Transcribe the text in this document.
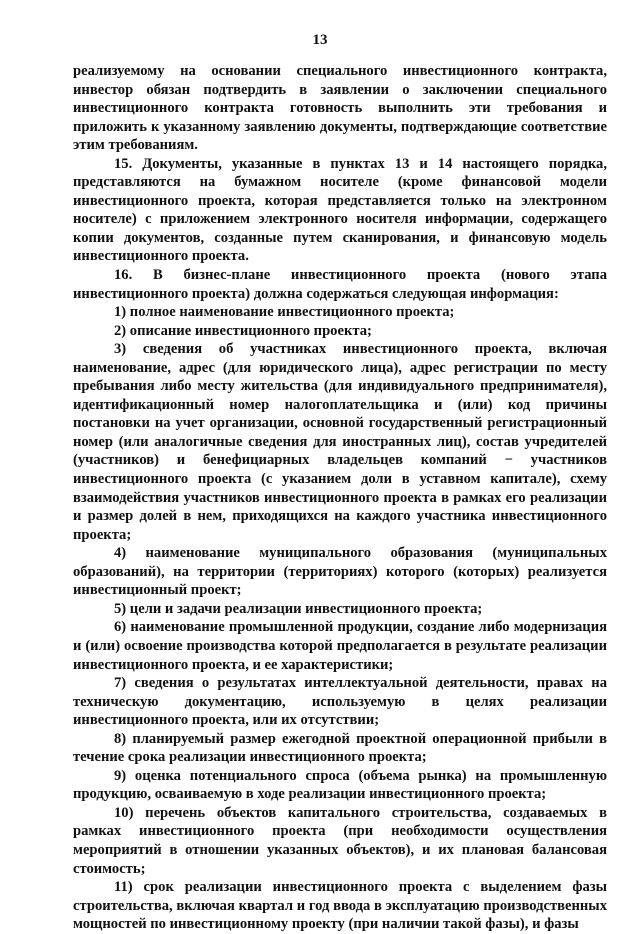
13

реализуемому на основании специального инвестиционного контракта, инвестор обязан подтвердить в заявлении о заключении специального инвестиционного контракта готовность выполнить эти требования и приложить к указанному заявлению документы, подтверждающие соответствие этим требованиям.

15. Документы, указанные в пунктах 13 и 14 настоящего порядка, представляются на бумажном носителе (кроме финансовой модели инвестиционного проекта, которая представляется только на электронном носителе) с приложением электронного носителя информации, содержащего копии документов, созданные путем сканирования, и финансовую модель инвестиционного проекта.

16. В бизнес-плане инвестиционного проекта (нового этапа инвестиционного проекта) должна содержаться следующая информация:

1) полное наименование инвестиционного проекта;

2) описание инвестиционного проекта;

3) сведения об участниках инвестиционного проекта, включая наименование, адрес (для юридического лица), адрес регистрации по месту пребывания либо месту жительства (для индивидуального предпринимателя), идентификационный номер налогоплательщика и (или) код причины постановки на учет организации, основной государственный регистрационный номер (или аналогичные сведения для иностранных лиц), состав учредителей (участников) и бенефициарных владельцев компаний − участников инвестиционного проекта (с указанием доли в уставном капитале), схему взаимодействия участников инвестиционного проекта в рамках его реализации и размер долей в нем, приходящихся на каждого участника инвестиционного проекта;

4) наименование муниципального образования (муниципальных образований), на территории (территориях) которого (которых) реализуется инвестиционный проект;

5) цели и задачи реализации инвестиционного проекта;

6) наименование промышленной продукции, создание либо модернизация и (или) освоение производства которой предполагается в результате реализации инвестиционного проекта, и ее характеристики;

7) сведения о результатах интеллектуальной деятельности, правах на техническую документацию, используемую в целях реализации инвестиционного проекта, или их отсутствии;

8) планируемый размер ежегодной проектной операционной прибыли в течение срока реализации инвестиционного проекта;

9) оценка потенциального спроса (объема рынка) на промышленную продукцию, осваиваемую в ходе реализации инвестиционного проекта;

10) перечень объектов капитального строительства, создаваемых в рамках инвестиционного проекта (при необходимости осуществления мероприятий в отношении указанных объектов), и их плановая балансовая стоимость;

11) срок реализации инвестиционного проекта с выделением фазы строительства, включая квартал и год ввода в эксплуатацию производственных мощностей по инвестиционному проекту (при наличии такой фазы), и фазы
